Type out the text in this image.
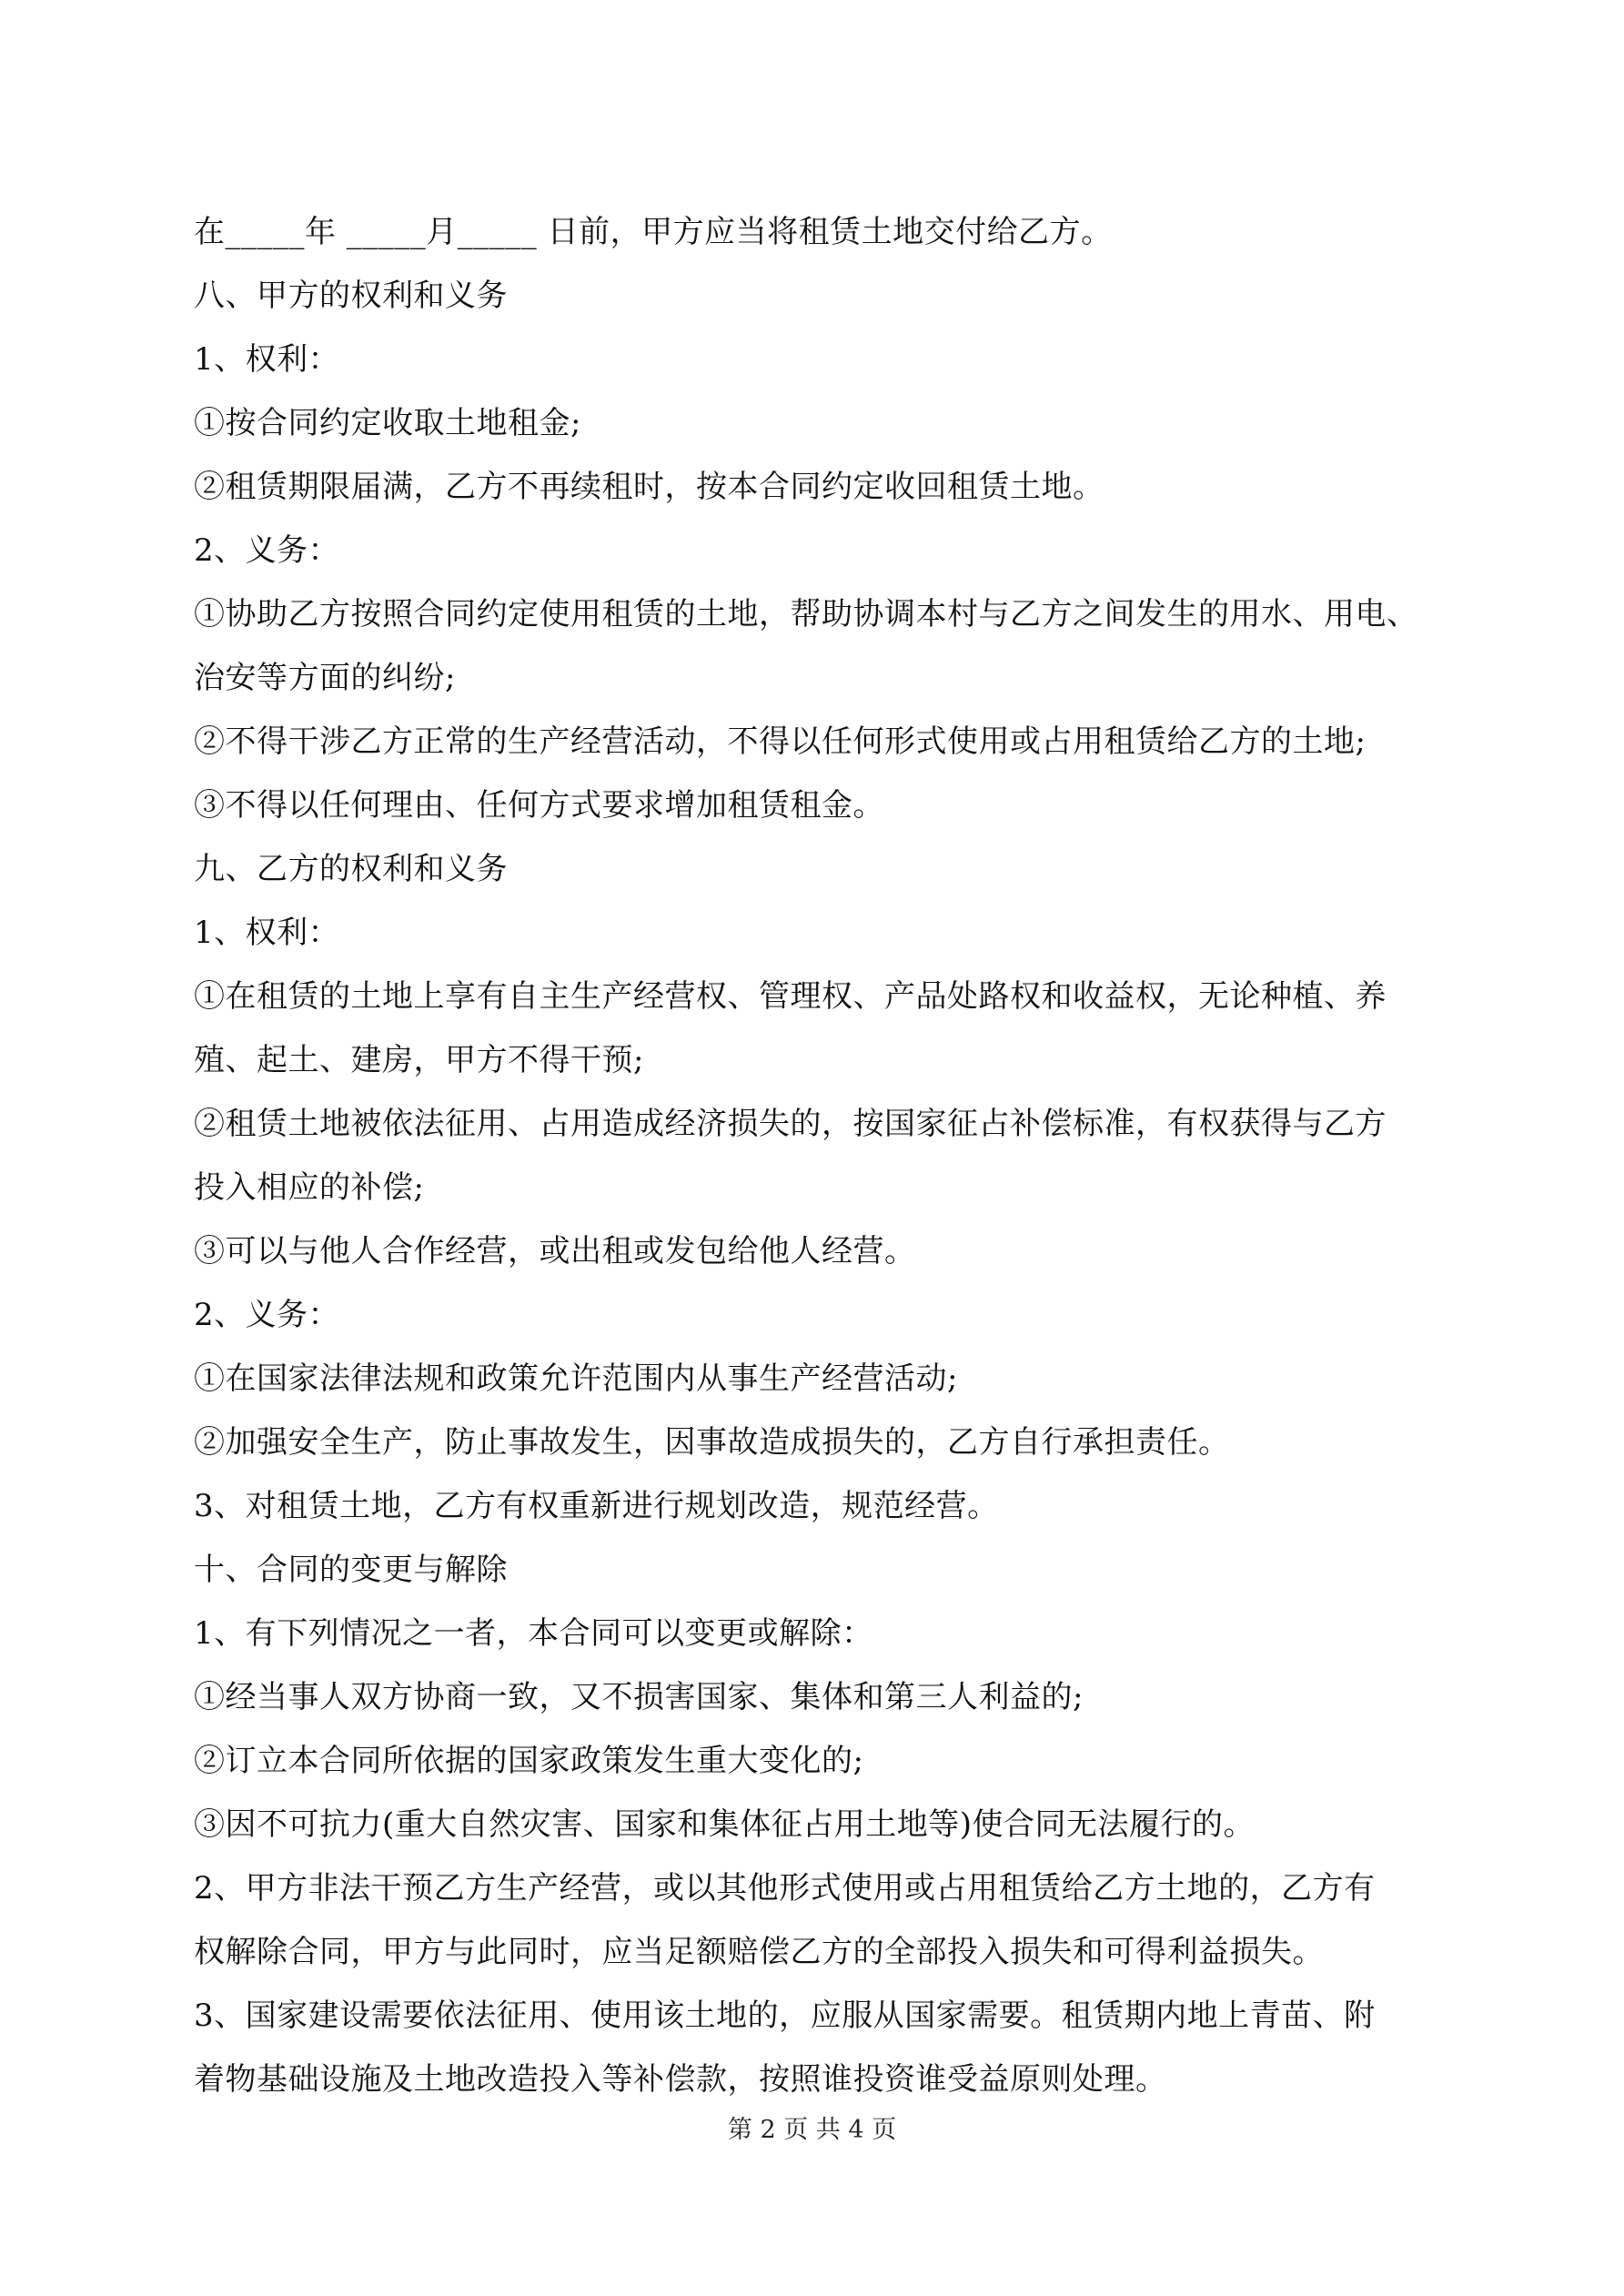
在_____年 _____月_____ 日前，甲方应当将租赁土地交付给乙方。
八、甲方的权利和义务
1、权利：
①按合同约定收取土地租金;
②租赁期限届满，乙方不再续租时，按本合同约定收回租赁土地。
2、义务：
①协助乙方按照合同约定使用租赁的土地，帮助协调本村与乙方之间发生的用水、用电、
治安等方面的纠纷;
②不得干涉乙方正常的生产经营活动，不得以任何形式使用或占用租赁给乙方的土地;
③不得以任何理由、任何方式要求增加租赁租金。
九、乙方的权利和义务
1、权利：
①在租赁的土地上享有自主生产经营权、管理权、产品处路权和收益权，无论种植、养
殖、起土、建房，甲方不得干预;
②租赁土地被依法征用、占用造成经济损失的，按国家征占补偿标准，有权获得与乙方
投入相应的补偿;
③可以与他人合作经营，或出租或发包给他人经营。
2、义务：
①在国家法律法规和政策允许范围内从事生产经营活动;
②加强安全生产，防止事故发生，因事故造成损失的，乙方自行承担责任。
3、对租赁土地，乙方有权重新进行规划改造，规范经营。
十、合同的变更与解除
1、有下列情况之一者，本合同可以变更或解除：
①经当事人双方协商一致，又不损害国家、集体和第三人利益的;
②订立本合同所依据的国家政策发生重大变化的;
③因不可抗力(重大自然灾害、国家和集体征占用土地等)使合同无法履行的。
2、甲方非法干预乙方生产经营，或以其他形式使用或占用租赁给乙方土地的，乙方有
权解除合同，甲方与此同时，应当足额赔偿乙方的全部投入损失和可得利益损失。
3、国家建设需要依法征用、使用该土地的，应服从国家需要。租赁期内地上青苗、附
着物基础设施及土地改造投入等补偿款，按照谁投资谁受益原则处理。
第 2 页 共 4 页
